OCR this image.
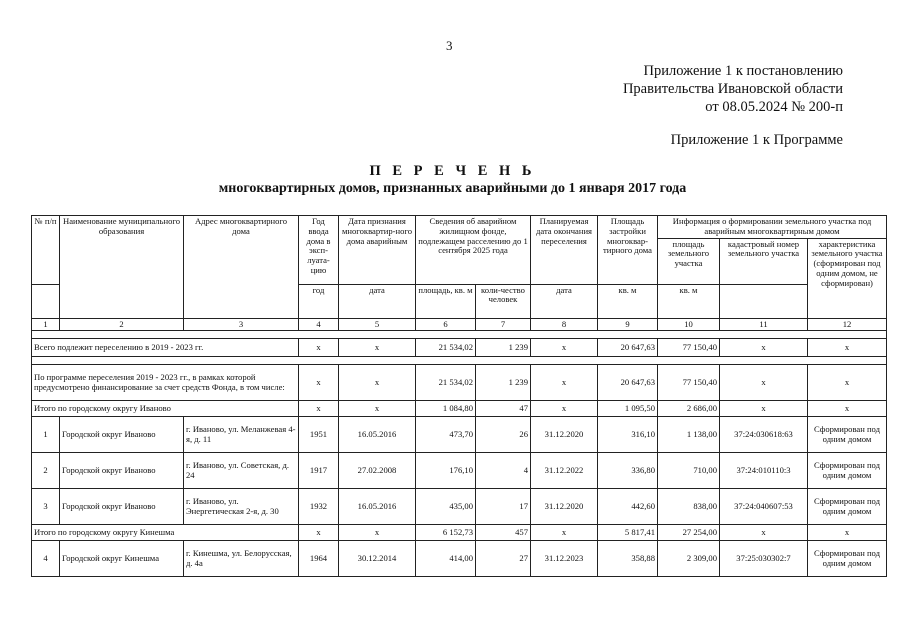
3
Приложение 1 к постановлению
Правительства Ивановской области
от 08.05.2024 № 200-п
Приложение 1 к Программе
П Е Р Е Ч Е Н Ь
многоквартирных домов, признанных аварийными до 1 января 2017 года
№ п/п	Наименование муниципального образования	Адрес многоквартирного дома	Год ввода дома в эксп-луата-цию	Дата признания многоквартир-ного дома аварийным	Сведения об аварийном жилищном фонде, подлежащем расселению до 1 сентября 2025 года		Планируемая дата окончания переселения	Площадь застройки многоквар-тирного дома	Информация о формировании земельного участка под аварийным многоквартирным домом		
									площадь земельного участка	кадастровый номер земельного участка	характеристика земельного участка (сформирован под одним домом, не сформирован)
			год	дата	площадь, кв. м	коли-чество человек	дата	кв. м	кв. м		
1	2	3	4	5	6	7	8	9	10	11	12

Всего подлежит переселению в 2019 - 2023 гг.			x	x	21 534,02	1 239	x	20 647,63	77 150,40	x	x

По программе переселения 2019 - 2023 гг., в рамках которой предусмотрено финансирование за счет средств Фонда, в том числе:			x	x	21 534,02	1 239	x	20 647,63	77 150,40	x	x
Итого по городскому округу Иваново			x	x	1 084,80	47	x	1 095,50	2 686,00	x	x
1	Городской округ Иваново	г. Иваново, ул. Меланжевая 4-я, д. 11	1951	16.05.2016	473,70	26	31.12.2020	316,10	1 138,00	37:24:030618:63	Сформирован под одним домом
2	Городской округ Иваново	г. Иваново, ул. Советская, д. 24	1917	27.02.2008	176,10	4	31.12.2022	336,80	710,00	37:24:010110:3	Сформирован под одним домом
3	Городской округ Иваново	г. Иваново, ул. Энергетическая 2-я, д. 30	1932	16.05.2016	435,00	17	31.12.2020	442,60	838,00	37:24:040607:53	Сформирован под одним домом
Итого по городскому округу Кинешма			x	x	6 152,73	457	x	5 817,41	27 254,00	x	x
4	Городской округ Кинешма	г. Кинешма, ул. Белорусская, д. 4а	1964	30.12.2014	414,00	27	31.12.2023	358,88	2 309,00	37:25:030302:7	Сформирован под одним домом
